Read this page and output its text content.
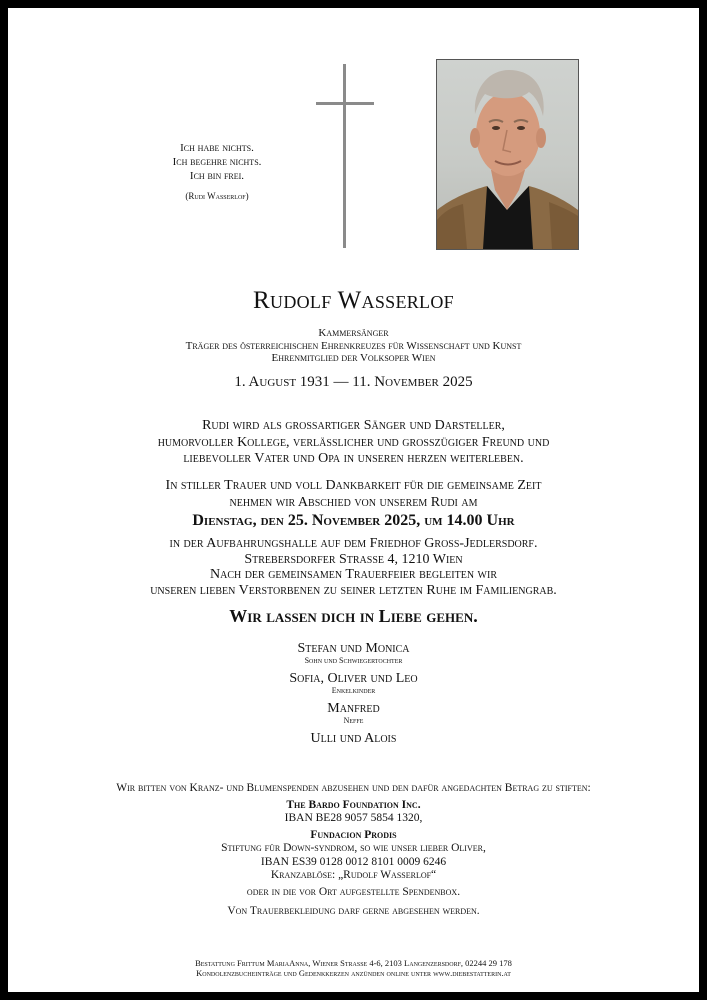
Ich habe nichts.
Ich begehre nichts.
Ich bin frei.
(Rudi Wasserlof)
Rudolf Wasserlof
Kammersänger
Träger des österreichischen Ehrenkreuzes für Wissenschaft und Kunst
Ehrenmitglied der Volksoper Wien
1. August 1931 — 11. November 2025
Rudi wird als grossartiger Sänger und Darsteller,
humorvoller Kollege, verlässlicher und grosszügiger Freund und
liebevoller Vater und Opa in unseren herzen weiterleben.
In stiller Trauer und voll Dankbarkeit für die gemeinsame Zeit
nehmen wir Abschied von unserem Rudi am
Dienstag, den 25. November 2025, um 14.00 Uhr
in der Aufbahrungshalle auf dem Friedhof Gross-Jedlersdorf.
Strebersdorfer Strasse 4, 1210 Wien
Nach der gemeinsamen Trauerfeier begleiten wir
unseren lieben Verstorbenen zu seiner letzten Ruhe im Familiengrab.
Wir lassen dich in Liebe gehen.
Stefan und Monica
Sohn und Schwiegertochter
Sofia, Oliver und Leo
Enkelkinder
Manfred
Neffe
Ulli und Alois
Wir bitten von Kranz- und Blumenspenden abzusehen und den dafür angedachten Betrag zu stiften:
The Bardo Foundation Inc.
IBAN BE28 9057 5854 1320,
Fundacion Prodis
Stiftung für Down-syndrom, so wie unser lieber Oliver,
IBAN ES39 0128 0012 8101 0009 6246
Kranzablöse: „Rudolf Wasserlof“
oder in die vor Ort aufgestellte Spendenbox.
Von Trauerbekleidung darf gerne abgesehen werden.
Bestattung Frittum MariaAnna, Wiener Strasse 4-6, 2103 Langenzersdorf, 02244 29 178
Kondolenzbucheinträge und Gedenkkerzen anzünden online unter www.diebestatterin.at
